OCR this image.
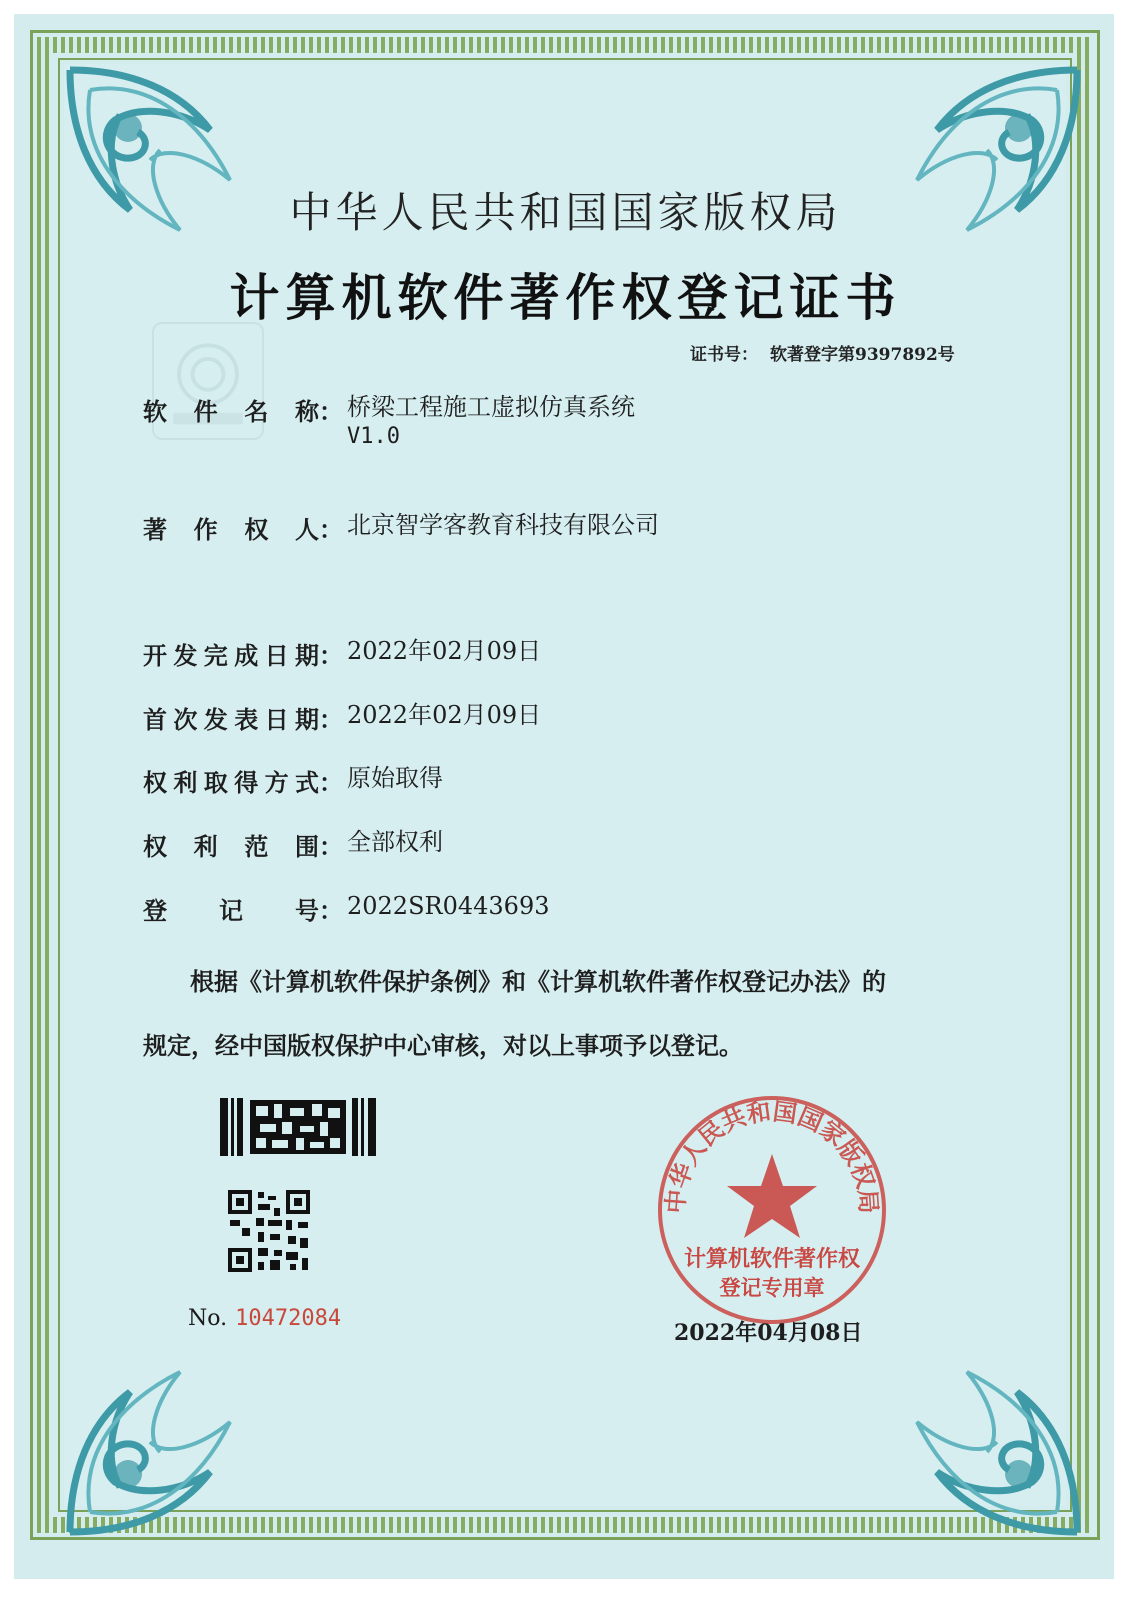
中华人民共和国国家版权局
计算机软件著作权登记证书
证书号： 软著登字第9397892号
软件名称： 桥梁工程施工虚拟仿真系统
V1.0
著作权人： 北京智学客教育科技有限公司
开发完成日期： 2022年02月09日
首次发表日期： 2022年02月09日
权利取得方式： 原始取得
权利范围： 全部权利
登记号： 2022SR0443693
根据《计算机软件保护条例》和《计算机软件著作权登记办法》的
规定，经中国版权保护中心审核，对以上事项予以登记。
No. 10472084
中华人民共和国国家版权局
计算机软件著作权
登记专用章
2022年04月08日
